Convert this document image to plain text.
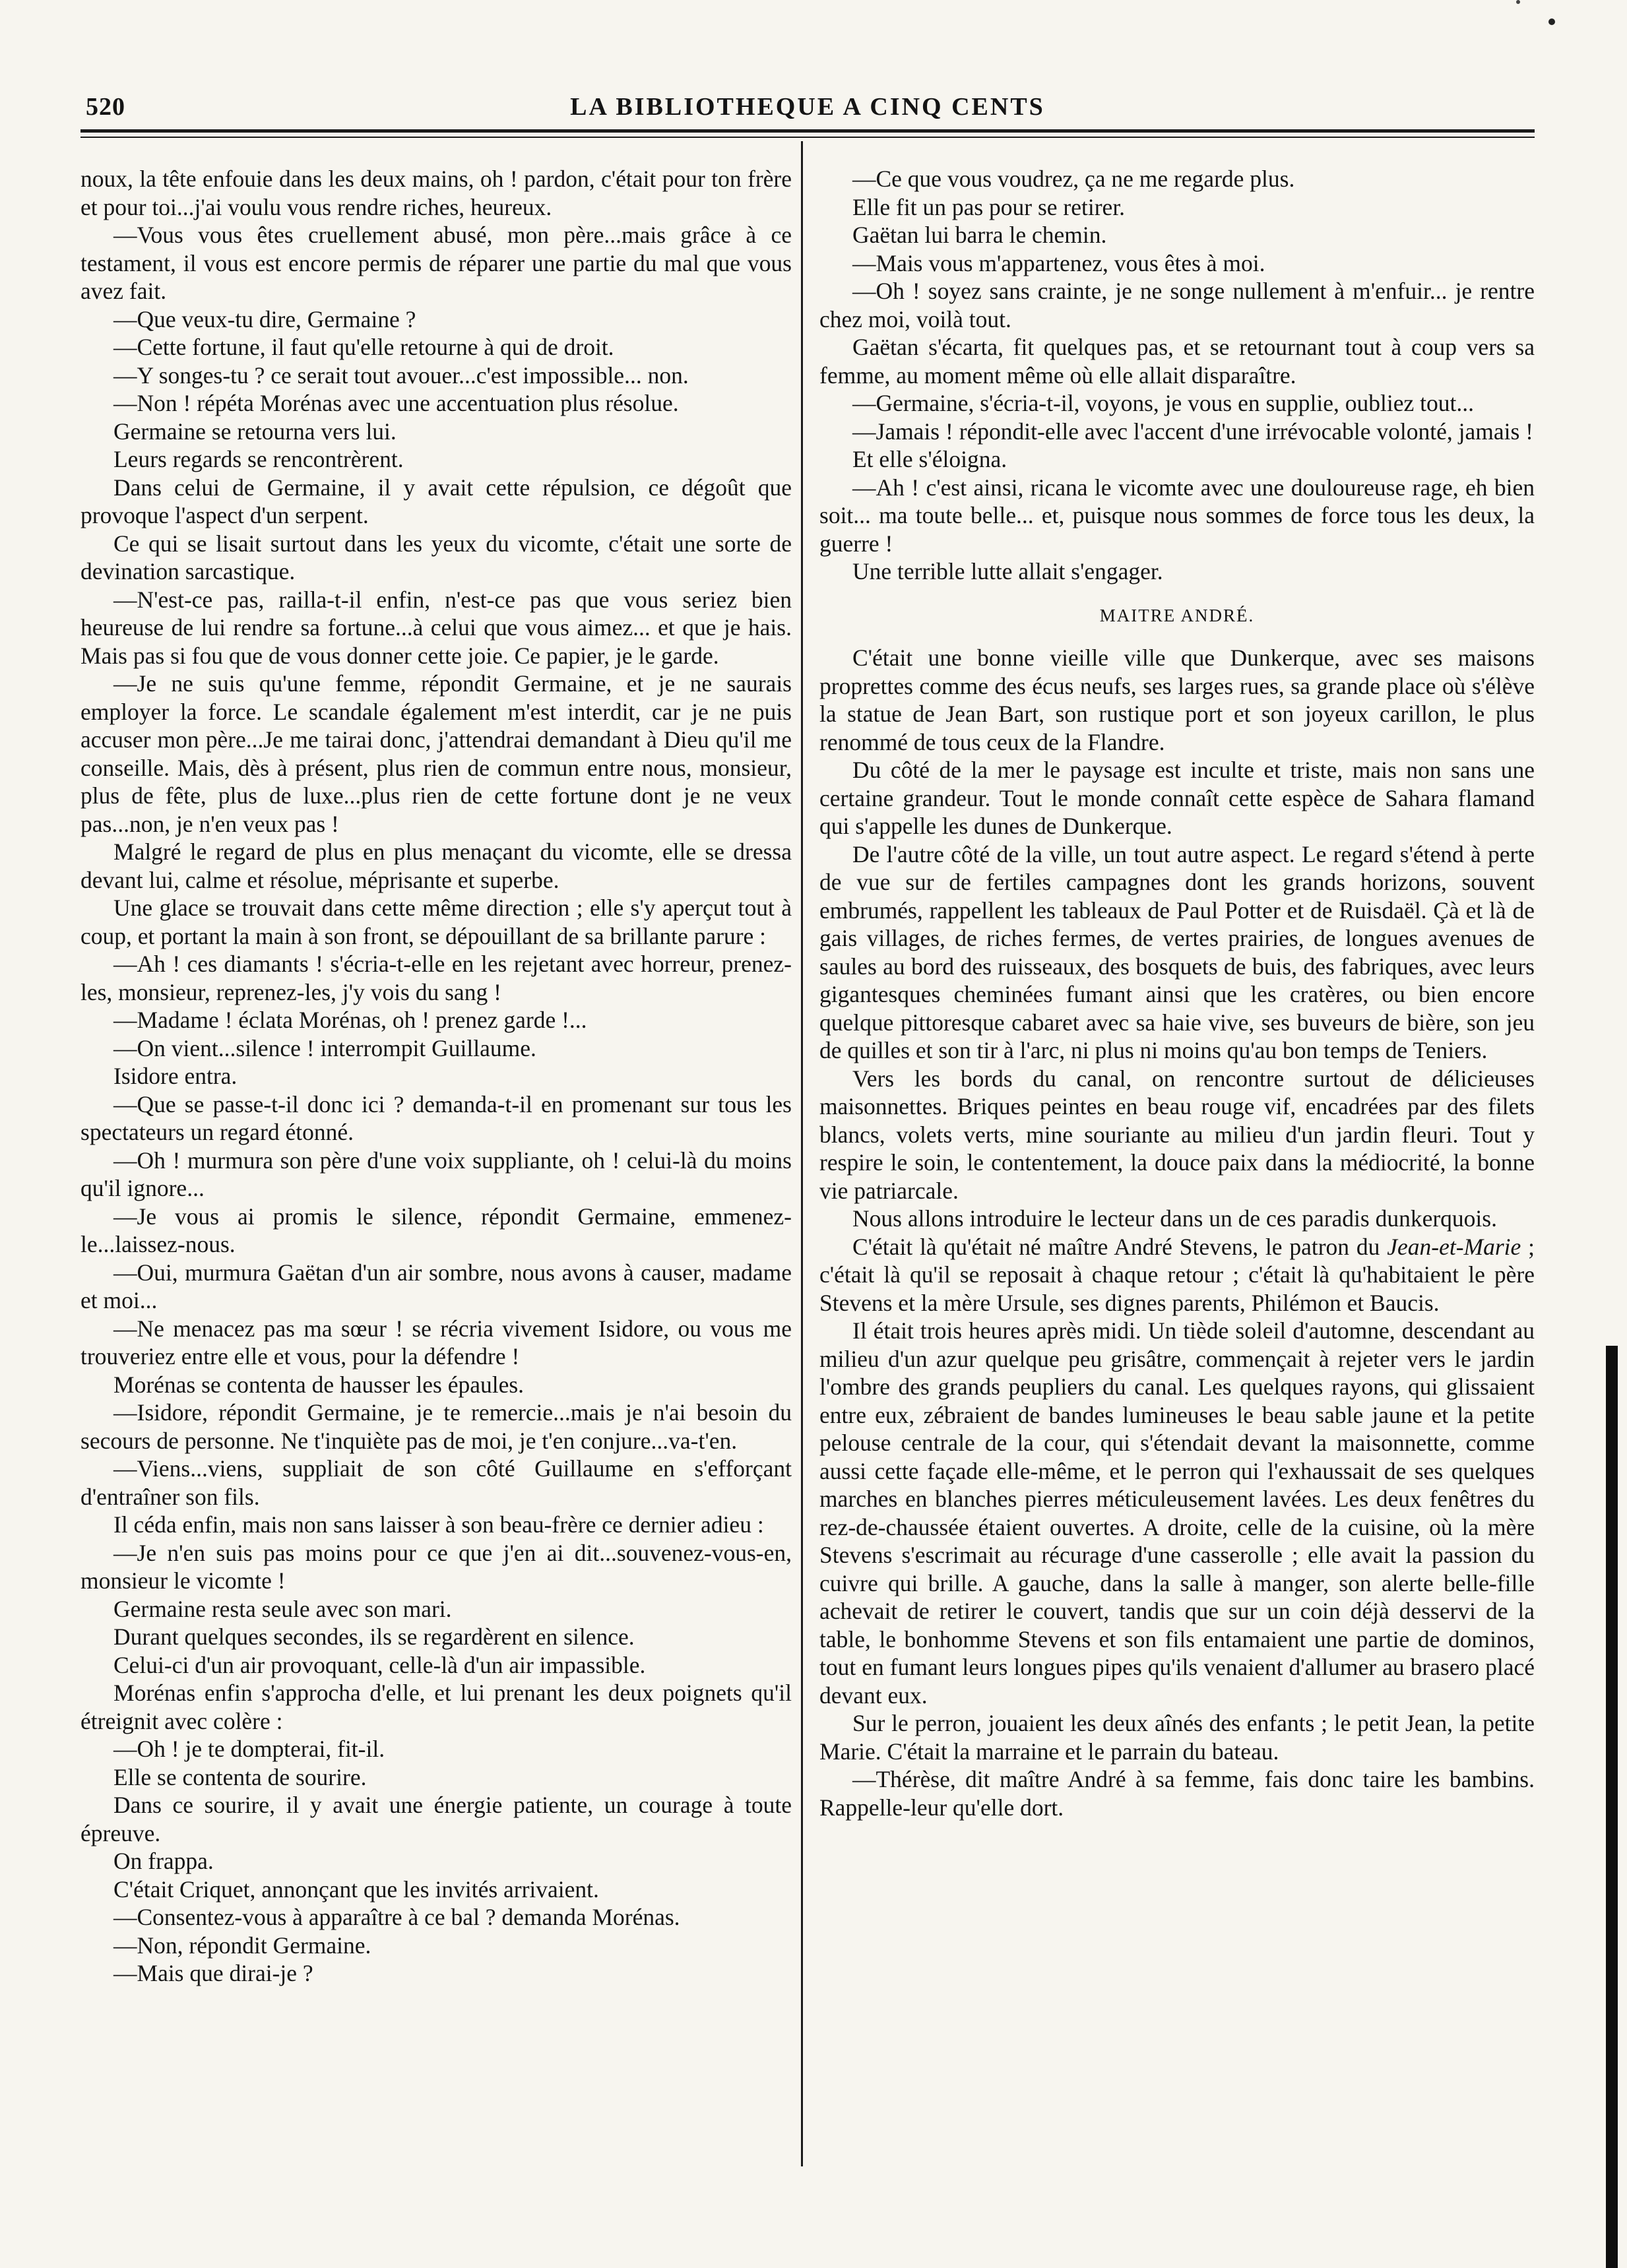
520	LA BIBLIOTHEQUE A CINQ CENTS

noux, la tête enfouie dans les deux mains, oh ! pardon, c'était pour ton frère et pour toi...j'ai voulu vous rendre riches, heureux.

—Vous vous êtes cruellement abusé, mon père...mais grâce à ce testament, il vous est encore permis de réparer une partie du mal que vous avez fait.

—Que veux-tu dire, Germaine ?

—Cette fortune, il faut qu'elle retourne à qui de droit.

—Y songes-tu ? ce serait tout avouer...c'est impossible... non.

—Non ! répéta Morénas avec une accentuation plus résolue.

Germaine se retourna vers lui.

Leurs regards se rencontrèrent.

Dans celui de Germaine, il y avait cette répulsion, ce dégoût que provoque l'aspect d'un serpent.

Ce qui se lisait surtout dans les yeux du vicomte, c'était une sorte de devination sarcastique.

—N'est-ce pas, railla-t-il enfin, n'est-ce pas que vous seriez bien heureuse de lui rendre sa fortune...à celui que vous aimez... et que je hais. Mais pas si fou que de vous donner cette joie. Ce papier, je le garde.

—Je ne suis qu'une femme, répondit Germaine, et je ne saurais employer la force. Le scandale également m'est interdit, car je ne puis accuser mon père...Je me tairai donc, j'attendrai demandant à Dieu qu'il me conseille. Mais, dès à présent, plus rien de commun entre nous, monsieur, plus de fête, plus de luxe...plus rien de cette fortune dont je ne veux pas...non, je n'en veux pas !

Malgré le regard de plus en plus menaçant du vicomte, elle se dressa devant lui, calme et résolue, méprisante et superbe.

Une glace se trouvait dans cette même direction ; elle s'y aperçut tout à coup, et portant la main à son front, se dépouillant de sa brillante parure :

—Ah ! ces diamants ! s'écria-t-elle en les rejetant avec horreur, prenez-les, monsieur, reprenez-les, j'y vois du sang !

—Madame ! éclata Morénas, oh ! prenez garde !...

—On vient...silence ! interrompit Guillaume.

Isidore entra.

—Que se passe-t-il donc ici ? demanda-t-il en promenant sur tous les spectateurs un regard étonné.

—Oh ! murmura son père d'une voix suppliante, oh ! celui-là du moins qu'il ignore...

—Je vous ai promis le silence, répondit Germaine, emmenez-le...laissez-nous.

—Oui, murmura Gaëtan d'un air sombre, nous avons à causer, madame et moi...

—Ne menacez pas ma sœur ! se récria vivement Isidore, ou vous me trouveriez entre elle et vous, pour la défendre !

Morénas se contenta de hausser les épaules.

—Isidore, répondit Germaine, je te remercie...mais je n'ai besoin du secours de personne. Ne t'inquiète pas de moi, je t'en conjure...va-t'en.

—Viens...viens, suppliait de son côté Guillaume en s'efforçant d'entraîner son fils.

Il céda enfin, mais non sans laisser à son beau-frère ce dernier adieu :

—Je n'en suis pas moins pour ce que j'en ai dit...souvenez-vous-en, monsieur le vicomte !

Germaine resta seule avec son mari.

Durant quelques secondes, ils se regardèrent en silence.

Celui-ci d'un air provoquant, celle-là d'un air impassible.

Morénas enfin s'approcha d'elle, et lui prenant les deux poignets qu'il étreignit avec colère :

—Oh ! je te dompterai, fit-il.

Elle se contenta de sourire.

Dans ce sourire, il y avait une énergie patiente, un courage à toute épreuve.

On frappa.

C'était Criquet, annonçant que les invités arrivaient.

—Consentez-vous à apparaître à ce bal ? demanda Morénas.

—Non, répondit Germaine.

—Mais que dirai-je ?

—Ce que vous voudrez, ça ne me regarde plus.

Elle fit un pas pour se retirer.

Gaëtan lui barra le chemin.

—Mais vous m'appartenez, vous êtes à moi.

—Oh ! soyez sans crainte, je ne songe nullement à m'enfuir... je rentre chez moi, voilà tout.

Gaëtan s'écarta, fit quelques pas, et se retournant tout à coup vers sa femme, au moment même où elle allait disparaître.

—Germaine, s'écria-t-il, voyons, je vous en supplie, oubliez tout...

—Jamais ! répondit-elle avec l'accent d'une irrévocable volonté, jamais !

Et elle s'éloigna.

—Ah ! c'est ainsi, ricana le vicomte avec une douloureuse rage, eh bien soit... ma toute belle... et, puisque nous sommes de force tous les deux, la guerre !

Une terrible lutte allait s'engager.

MAITRE ANDRÉ.

C'était une bonne vieille ville que Dunkerque, avec ses maisons proprettes comme des écus neufs, ses larges rues, sa grande place où s'élève la statue de Jean Bart, son rustique port et son joyeux carillon, le plus renommé de tous ceux de la Flandre.

Du côté de la mer le paysage est inculte et triste, mais non sans une certaine grandeur. Tout le monde connaît cette espèce de Sahara flamand qui s'appelle les dunes de Dunkerque.

De l'autre côté de la ville, un tout autre aspect. Le regard s'étend à perte de vue sur de fertiles campagnes dont les grands horizons, souvent embrumés, rappellent les tableaux de Paul Potter et de Ruisdaël. Çà et là de gais villages, de riches fermes, de vertes prairies, de longues avenues de saules au bord des ruisseaux, des bosquets de buis, des fabriques, avec leurs gigantesques cheminées fumant ainsi que les cratères, ou bien encore quelque pittoresque cabaret avec sa haie vive, ses buveurs de bière, son jeu de quilles et son tir à l'arc, ni plus ni moins qu'au bon temps de Teniers.

Vers les bords du canal, on rencontre surtout de délicieuses maisonnettes. Briques peintes en beau rouge vif, encadrées par des filets blancs, volets verts, mine souriante au milieu d'un jardin fleuri. Tout y respire le soin, le contentement, la douce paix dans la médiocrité, la bonne vie patriarcale.

Nous allons introduire le lecteur dans un de ces paradis dunkerquois.

C'était là qu'était né maître André Stevens, le patron du Jean-et-Marie ; c'était là qu'il se reposait à chaque retour ; c'était là qu'habitaient le père Stevens et la mère Ursule, ses dignes parents, Philémon et Baucis.

Il était trois heures après midi. Un tiède soleil d'automne, descendant au milieu d'un azur quelque peu grisâtre, commençait à rejeter vers le jardin l'ombre des grands peupliers du canal. Les quelques rayons, qui glissaient entre eux, zébraient de bandes lumineuses le beau sable jaune et la petite pelouse centrale de la cour, qui s'étendait devant la maisonnette, comme aussi cette façade elle-même, et le perron qui l'exhaussait de ses quelques marches en blanches pierres méticuleusement lavées. Les deux fenêtres du rez-de-chaussée étaient ouvertes. A droite, celle de la cuisine, où la mère Stevens s'escrimait au récurage d'une casserolle ; elle avait la passion du cuivre qui brille. A gauche, dans la salle à manger, son alerte belle-fille achevait de retirer le couvert, tandis que sur un coin déjà desservi de la table, le bonhomme Stevens et son fils entamaient une partie de dominos, tout en fumant leurs longues pipes qu'ils venaient d'allumer au brasero placé devant eux.

Sur le perron, jouaient les deux aînés des enfants ; le petit Jean, la petite Marie. C'était la marraine et le parrain du bateau.

—Thérèse, dit maître André à sa femme, fais donc taire les bambins. Rappelle-leur qu'elle dort.
